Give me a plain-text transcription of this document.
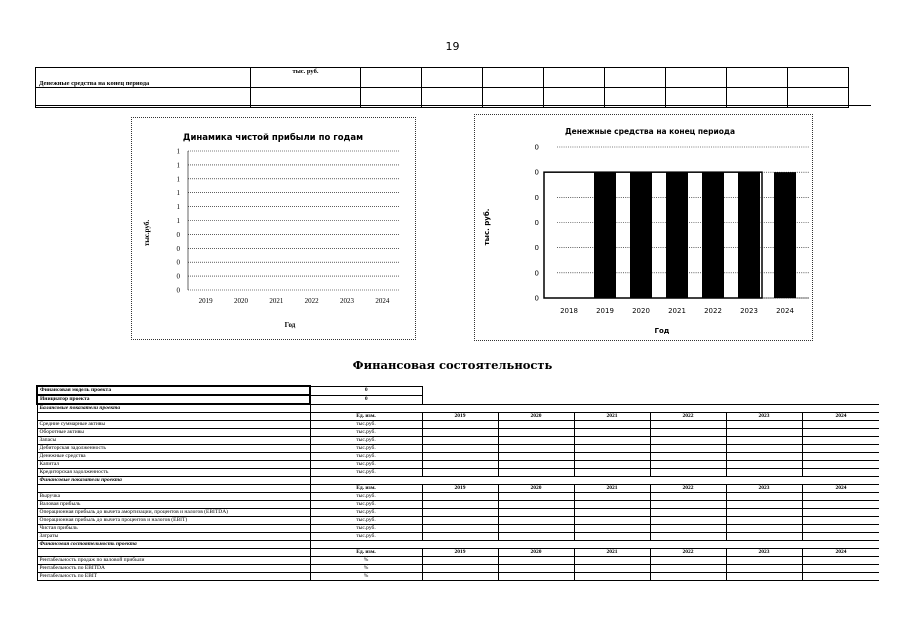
19
Денежные средства на конец периода	тыс. руб.								

Динамика чистой прибыли по годам
тыс.руб.
Год
1
1
1
1
1
1
0
0
0
0
0
2019	2020	2021	2022	2023	2024
Денежные средства на конец периода
тыс. руб.
Год
0
0
0
0
0
0
0
2018	2019	2020	2021	2022	2023	2024
Финансовая состоятельность
Финансовая модель проекта	0						
Инициатор проекта	0						
Балансовые показатели проекта							
	Ед. изм.	2019	2020	2021	2022	2023	2024
Средние суммарные активы	тыс.руб.						
Оборотные активы	тыс.руб.						
Запасы	тыс.руб.						
Дебиторская задолженность	тыс.руб.						
Денежные средства	тыс.руб.						
Капитал	тыс.руб.						
Кредиторская задолженность	тыс.руб.						
Финансовые показатели проекта							
	Ед. изм.	2019	2020	2021	2022	2023	2024
Выручка	тыс.руб.						
Валовая прибыль	тыс.руб.						
Операционная прибыль до вычета амортизации, процентов и налогов (EBITDA)	тыс.руб.						
Операционная прибыль до вычета процентов и налогов (EBIT)	тыс.руб.						
Чистая прибыль	тыс.руб.						
Затраты	тыс.руб.						
Финансовая состоятельность проекта							
	Ед. изм.	2019	2020	2021	2022	2023	2024
Рентабельность продаж по валовой прибыли	%						
Рентабельность по EBITDA	%						
Рентабельность по EBIT	%						
